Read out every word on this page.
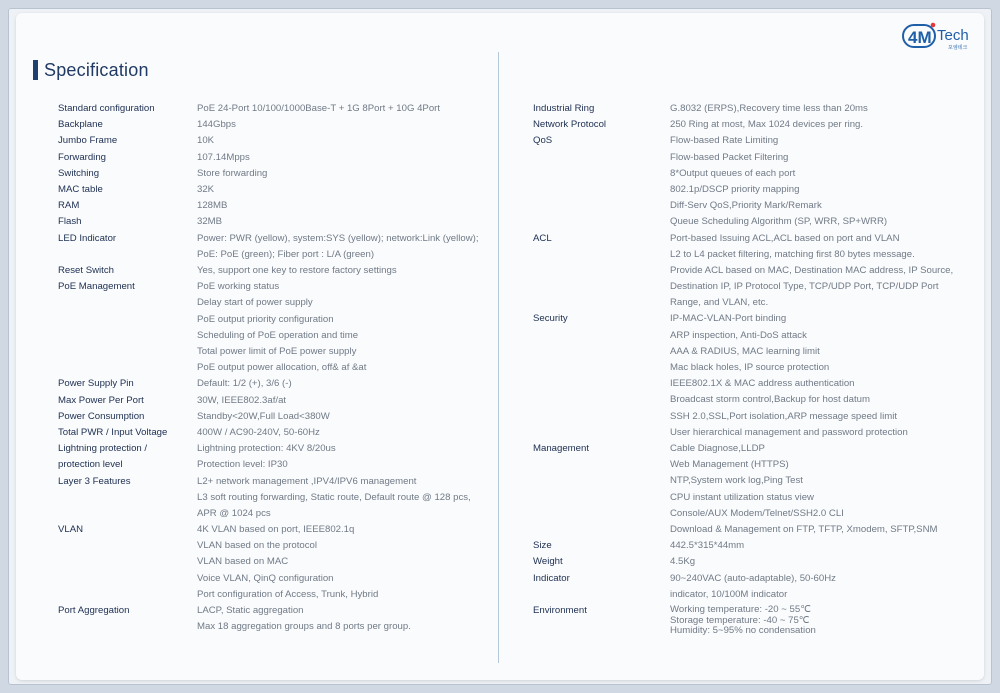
4M Tech
포엠테크
Specification
Standard configuration	PoE 24-Port 10/100/1000Base-T + 1G 8Port + 10G 4Port
Backplane	144Gbps
Jumbo Frame	10K
Forwarding	107.14Mpps
Switching	Store forwarding
MAC table	32K
RAM	128MB
Flash	32MB
LED Indicator	Power: PWR (yellow), system:SYS (yellow); network:Link (yellow);
PoE: PoE (green); Fiber port : L/A (green)
Reset Switch	Yes, support one key to restore factory settings
PoE Management	PoE working status
Delay start of power supply
PoE output priority configuration
Scheduling of PoE operation and time
Total power limit of PoE power supply
PoE output power allocation, off& af &at
Power Supply Pin	Default: 1/2 (+), 3/6 (-)
Max Power Per Port	30W, IEEE802.3af/at
Power Consumption	Standby<20W,Full Load<380W
Total PWR / Input Voltage	400W / AC90-240V, 50-60Hz
Lightning protection /	Lightning protection: 4KV 8/20us
protection level	Protection level: IP30
Layer 3 Features	L2+ network management ,IPV4/IPV6 management
L3 soft routing forwarding, Static route, Default route @ 128 pcs,
APR @ 1024 pcs
VLAN	4K VLAN based on port, IEEE802.1q
VLAN based on the protocol
VLAN based on MAC
Voice VLAN, QinQ configuration
Port configuration of Access, Trunk, Hybrid
Port Aggregation	LACP, Static aggregation
Max 18 aggregation groups and 8 ports per group.
Industrial Ring	G.8032 (ERPS),Recovery time less than 20ms
Network Protocol	250 Ring at most, Max 1024 devices per ring.
QoS	Flow-based Rate Limiting
Flow-based Packet Filtering
8*Output queues of each port
802.1p/DSCP priority mapping
Diff-Serv QoS,Priority Mark/Remark
Queue Scheduling Algorithm (SP, WRR, SP+WRR)
ACL	Port-based Issuing ACL,ACL based on port and VLAN
L2 to L4 packet filtering, matching first 80 bytes message.
Provide ACL based on MAC, Destination MAC address, IP Source,
Destination IP, IP Protocol Type, TCP/UDP Port, TCP/UDP Port
Range, and VLAN, etc.
Security	IP-MAC-VLAN-Port binding
ARP inspection, Anti-DoS attack
AAA & RADIUS, MAC learning limit
Mac black holes, IP source protection
IEEE802.1X & MAC address authentication
Broadcast storm control,Backup for host datum
SSH 2.0,SSL,Port isolation,ARP message speed limit
User hierarchical management and password protection
Management	Cable Diagnose,LLDP
Web Management (HTTPS)
NTP,System work log,Ping Test
CPU instant utilization status view
Console/AUX Modem/Telnet/SSH2.0 CLI
Download & Management on FTP, TFTP, Xmodem, SFTP,SNM
Size	442.5*315*44mm
Weight	4.5Kg
Indicator	90~240VAC (auto-adaptable), 50-60Hz
indicator, 10/100M indicator
Environment	Working temperature: -20 ~ 55℃
Storage temperature: -40 ~ 75℃
Humidity: 5~95% no condensation
